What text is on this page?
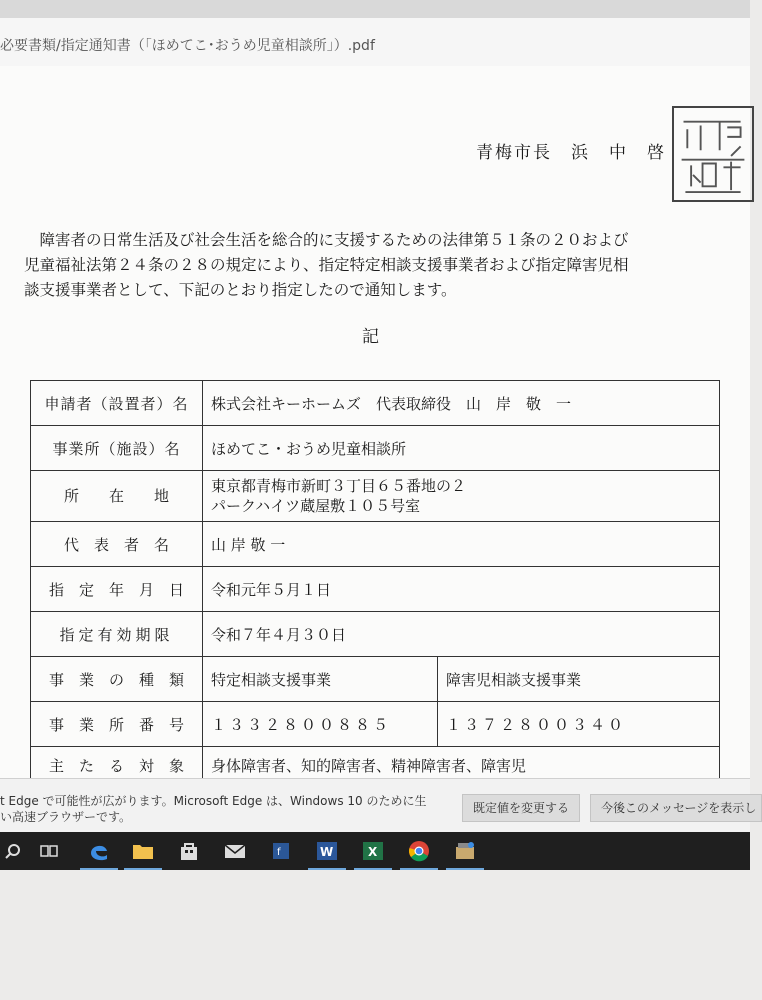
必要書類/指定通知書（「ほめてこ･おうめ児童相談所」）.pdf
青梅市長　浜　中　啓
　障害者の日常生活及び社会生活を総合的に支援するための法律第５１条の２０および
児童福祉法第２４条の２８の規定により、指定特定相談支援事業者および指定障害児相
談支援事業者として、下記のとおり指定したので通知します。
記
申請者（設置者）名	株式会社キーホームズ　代表取締役　山　岸　敬　一	
事業所（施設）名	ほめてこ・おうめ児童相談所	
所　　在　　地	東京都青梅市新町３丁目６５番地の２
パークハイツ蔵屋敷１０５号室	

代　表　者　名	山 岸 敬 一	
指　定　年　月　日	令和元年５月１日	
指定有効期限	令和７年４月３０日	
事　業　の　種　類	特定相談支援事業	障害児相談支援事業
事　業　所　番　号	１３３２８００８８５	１３７２８００３４０
主　た　る　対　象　	身体障害者、知的障害者、精神障害者、障害児	
t Edge で可能性が広がります。Microsoft Edge は、Windows 10 のために生
い高速ブラウザーです。
既定値を変更する	今後このメッセージを表示し
f	W	X
